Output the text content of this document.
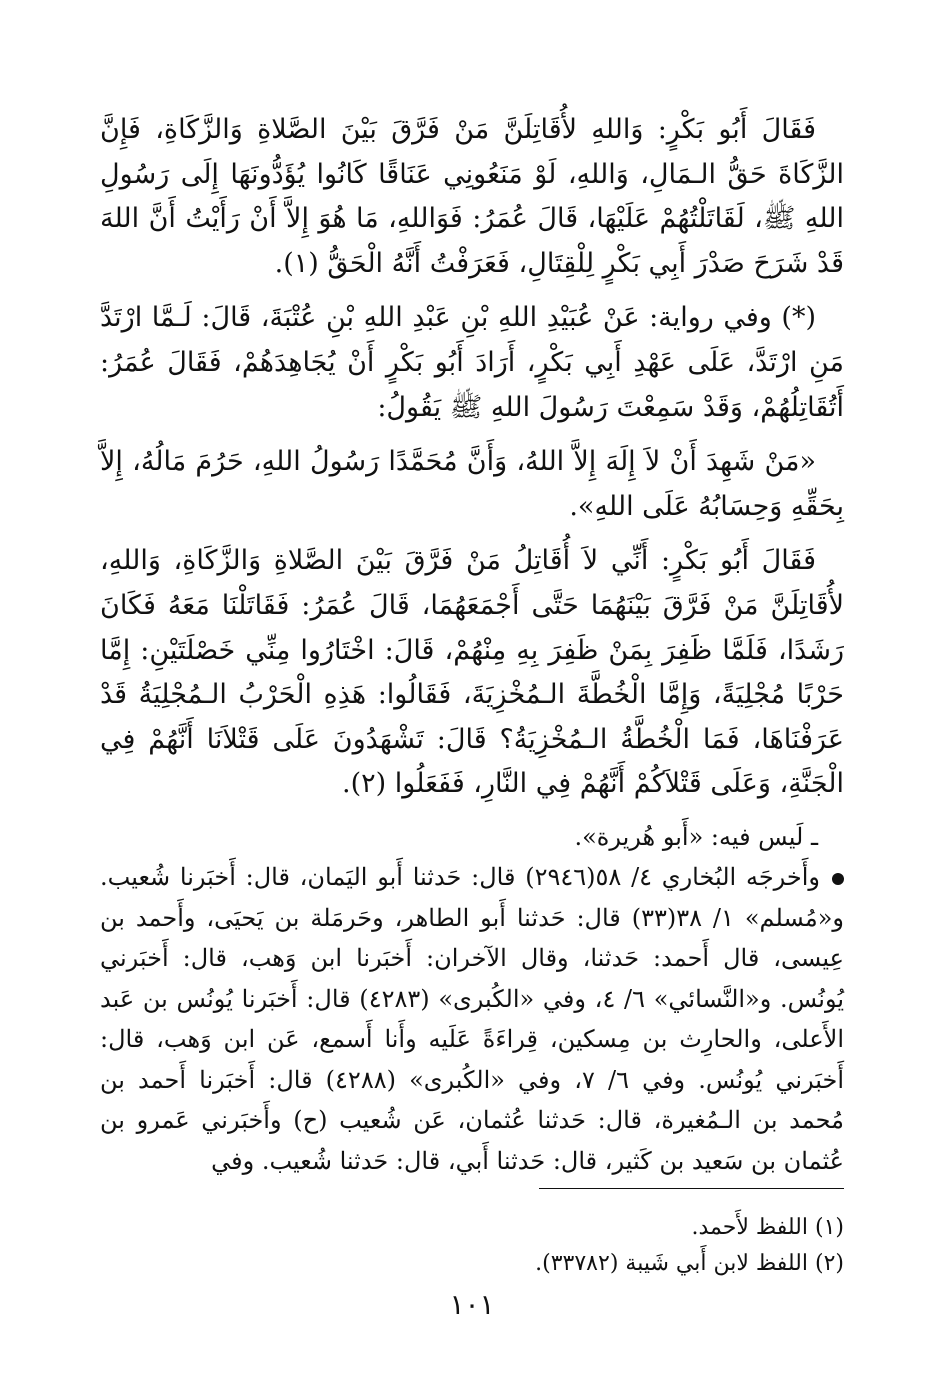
فَقَالَ أَبُو بَكْرٍ: وَاللهِ لأُقَاتِلَنَّ مَنْ فَرَّقَ بَيْنَ الصَّلاةِ وَالزَّكَاةِ، فَإِنَّ الزَّكَاةَ حَقُّ الـمَالِ، وَاللهِ، لَوْ مَنَعُونِي عَنَاقًا كَانُوا يُؤَدُّونَهَا إِلَى رَسُولِ اللهِ ﷺ، لَقَاتَلْتُهُمْ عَلَيْهَا، قَالَ عُمَرُ: فَوَاللهِ، مَا هُوَ إِلاَّ أَنْ رَأَيْتُ أَنَّ اللهَ قَدْ شَرَحَ صَدْرَ أَبِي بَكْرٍ لِلْقِتَالِ، فَعَرَفْتُ أَنَّهُ الْحَقُّ (١).

(*) وفي رواية: عَنْ عُبَيْدِ اللهِ بْنِ عَبْدِ اللهِ بْنِ عُتْبَةَ، قَالَ: لَـمَّا ارْتَدَّ مَنِ ارْتَدَّ، عَلَى عَهْدِ أَبِي بَكْرٍ، أَرَادَ أَبُو بَكْرٍ أَنْ يُجَاهِدَهُمْ، فَقَالَ عُمَرُ: أَتُقَاتِلُهُمْ، وَقَدْ سَمِعْتَ رَسُولَ اللهِ ﷺ يَقُولُ:

«مَنْ شَهِدَ أَنْ لاَ إِلَهَ إِلاَّ اللهُ، وَأَنَّ مُحَمَّدًا رَسُولُ اللهِ، حَرُمَ مَالُهُ، إِلاَّ بِحَقِّهِ وَحِسَابُهُ عَلَى اللهِ».

فَقَالَ أَبُو بَكْرٍ: أَنِّي لاَ أُقَاتِلُ مَنْ فَرَّقَ بَيْنَ الصَّلاةِ وَالزَّكَاةِ، وَاللهِ، لأُقَاتِلَنَّ مَنْ فَرَّقَ بَيْنَهُمَا حَتَّى أَجْمَعَهُمَا، قَالَ عُمَرُ: فَقَاتَلْنَا مَعَهُ فَكَانَ رَشَدًا، فَلَمَّا ظَفِرَ بِمَنْ ظَفِرَ بِهِ مِنْهُمْ، قَالَ: اخْتَارُوا مِنِّي خَصْلَتَيْنِ: إِمَّا حَرْبًا مُجْلِيَةً، وَإِمَّا الْخُطَّةَ الـمُخْزِيَةَ، فَقَالُوا: هَذِهِ الْحَرْبُ الـمُجْلِيَةُ قَدْ عَرَفْنَاهَا، فَمَا الْخُطَّةُ الـمُخْزِيَةُ؟ قَالَ: تَشْهَدُونَ عَلَى قَتْلاَنَا أَنَّهُمْ فِي الْجَنَّةِ، وَعَلَى قَتْلاَكُمْ أَنَّهُمْ فِي النَّارِ، فَفَعَلُوا (٢).

ـ لَيس فيه: «أَبو هُريرة».

وأَخرجَه البُخاري ٤/ ٥٨(٢٩٤٦) قال: حَدثنا أَبو اليَمان، قال: أَخبَرنا شُعيب. و«مُسلم» ١/ ٣٨(٣٣) قال: حَدثنا أَبو الطاهر، وحَرمَلة بن يَحيَى، وأَحمد بن عِيسى، قال أَحمد: حَدثنا، وقال الآخران: أَخبَرنا ابن وَهب، قال: أَخبَرني يُونُس. و«النَّسائي» ٦/ ٤، وفي «الكُبرى» (٤٢٨٣) قال: أَخبَرنا يُونُس بن عَبد الأَعلى، والحارِث بن مِسكين، قِراءَةً عَلَيه وأَنا أَسمع، عَن ابن وَهب، قال: أَخبَرني يُونُس. وفي ٦/ ٧، وفي «الكُبرى» (٤٢٨٨) قال: أَخبَرنا أَحمد بن مُحمد بن الـمُغيرة، قال: حَدثنا عُثمان، عَن شُعيب (ح) وأَخبَرني عَمرو بن عُثمان بن سَعيد بن كَثير، قال: حَدثنا أَبي، قال: حَدثنا شُعيب. وفي

(١) اللفظ لأَحمد.

(٢) اللفظ لابن أَبي شَيبة (٣٣٧٨٢).

١٠١
